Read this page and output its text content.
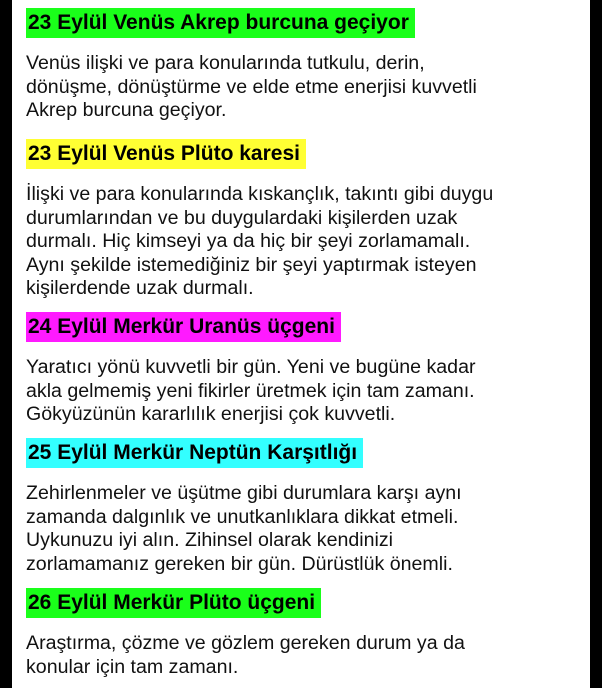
23 Eylül Venüs Akrep burcuna geçiyor

Venüs ilişki ve para konularında tutkulu, derin,
dönüşme, dönüştürme ve elde etme enerjisi kuvvetli
Akrep burcuna geçiyor.

23 Eylül Venüs Plüto karesi

İlişki ve para konularında kıskançlık, takıntı gibi duygu
durumlarından ve bu duygulardaki kişilerden uzak
durmalı. Hiç kimseyi ya da hiç bir şeyi zorlamamalı.
Aynı şekilde istemediğiniz bir şeyi yaptırmak isteyen
kişilerdende uzak durmalı.

24 Eylül Merkür Uranüs üçgeni

Yaratıcı yönü kuvvetli bir gün. Yeni ve bugüne kadar
akla gelmemiş yeni fikirler üretmek için tam zamanı.
Gökyüzünün kararlılık enerjisi çok kuvvetli.

25 Eylül Merkür Neptün Karşıtlığı

Zehirlenmeler ve üşütme gibi durumlara karşı aynı
zamanda dalgınlık ve unutkanlıklara dikkat etmeli.
Uykunuzu iyi alın. Zihinsel olarak kendinizi
zorlamamanız gereken bir gün. Dürüstlük önemli.

26 Eylül Merkür Plüto üçgeni

Araştırma, çözme ve gözlem gereken durum ya da
konular için tam zamanı.
